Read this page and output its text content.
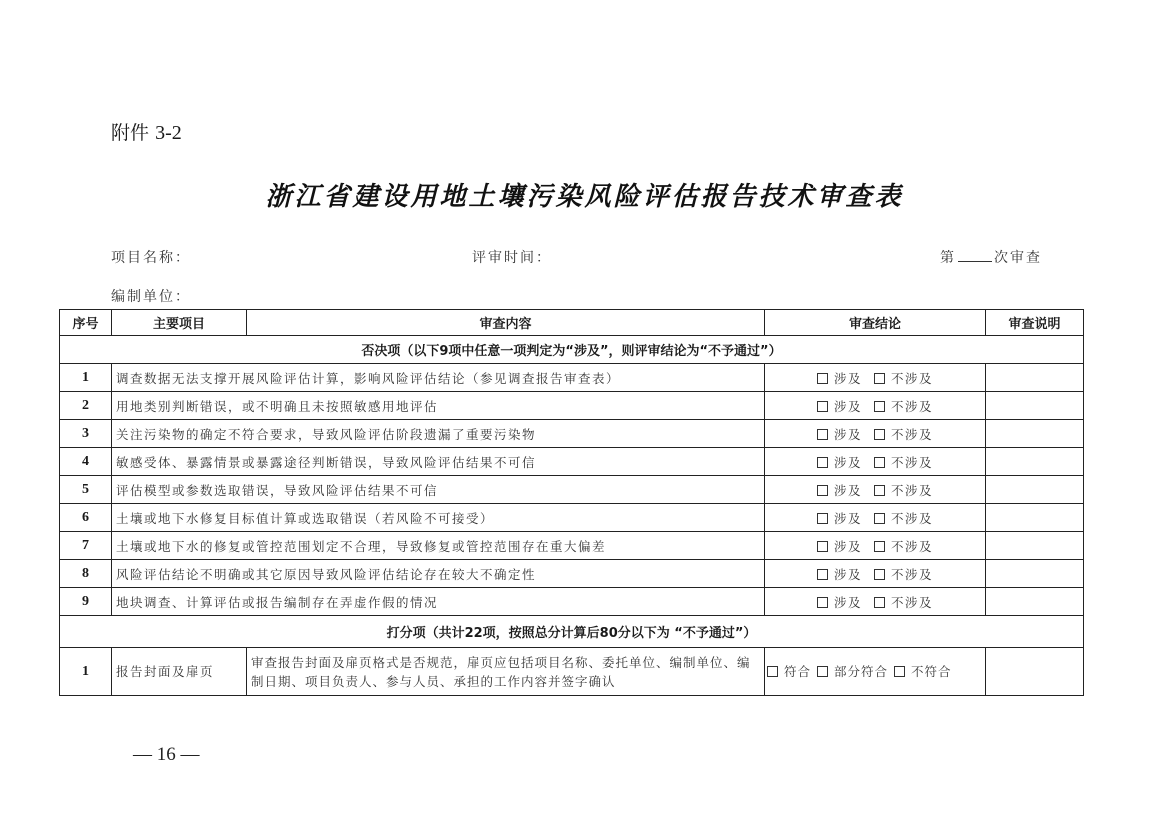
附件 3-2
浙江省建设用地土壤污染风险评估报告技术审查表
项目名称：	评审时间：	第	次审查
编制单位：
序号	主要项目	审查内容	审查结论	审查说明
否决项（以下9项中任意一项判定为“涉及”，则评审结论为“不予通过”）				
1	调查数据无法支撑开展风险评估计算，影响风险评估结论（参见调查报告审查表）		涉及 不涉及	
2	用地类别判断错误，或不明确且未按照敏感用地评估		涉及 不涉及	
3	关注污染物的确定不符合要求，导致风险评估阶段遗漏了重要污染物		涉及 不涉及	
4	敏感受体、暴露情景或暴露途径判断错误，导致风险评估结果不可信		涉及 不涉及	
5	评估模型或参数选取错误，导致风险评估结果不可信		涉及 不涉及	
6	土壤或地下水修复目标值计算或选取错误（若风险不可接受）		涉及 不涉及	
7	土壤或地下水的修复或管控范围划定不合理，导致修复或管控范围存在重大偏差		涉及 不涉及	
8	风险评估结论不明确或其它原因导致风险评估结论存在较大不确定性		涉及 不涉及	
9	地块调查、计算评估或报告编制存在弄虚作假的情况		涉及 不涉及	
打分项（共计22项，按照总分计算后80分以下为 “不予通过”）				
1	报告封面及扉页	审查报告封面及扉页格式是否规范，扉页应包括项目名称、委托单位、编制单位、编制日期、项目负责人、参与人员、承担的工作内容并签字确认	符合 部分符合 不符合	
— 16 —
